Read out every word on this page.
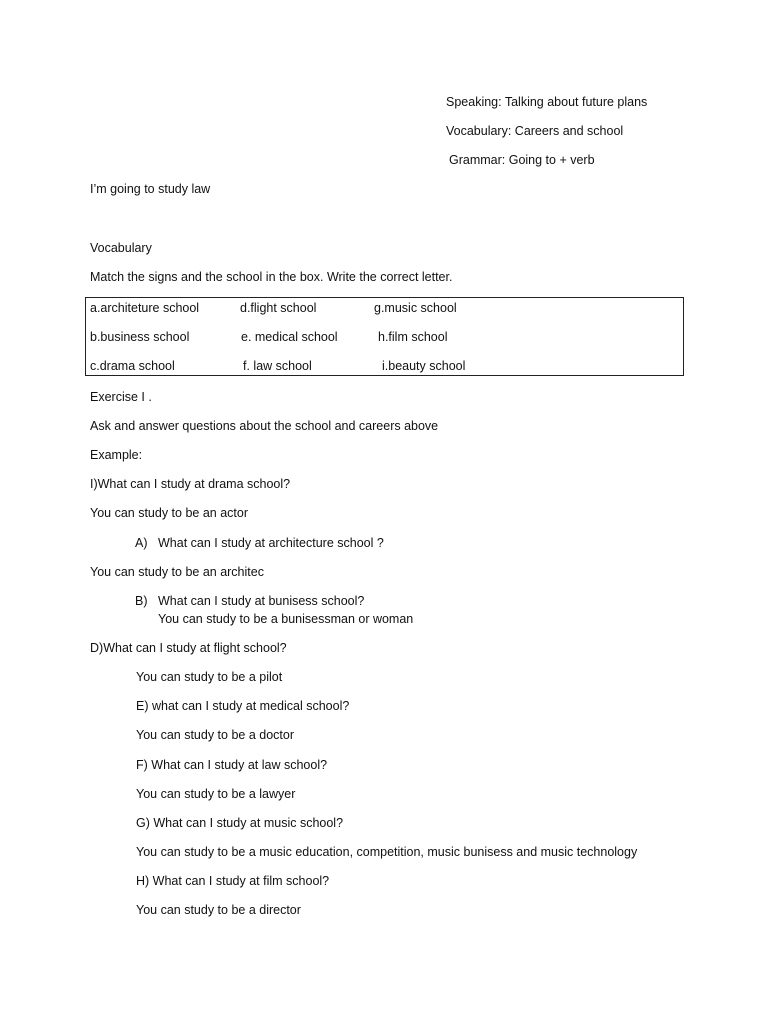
Speaking: Talking about future plans
Vocabulary: Careers and school
Grammar: Going to + verb
I’m going to study law
Vocabulary
Match the signs and the school in the box. Write the correct letter.
a.architeture school	d.flight school	g.music school
b.business school	e. medical school	h.film school
c.drama school	f. law school	i.beauty school
Exercise I .
Ask and answer questions about the school and careers above
Example:
I)What can I study at drama school?
You can study to be an actor
A) What can I study at architecture school ?
You can study to be an architec
B) What can I study at bunisess school?
You can study to be a bunisessman or woman
D)What can I study at flight school?
You can study to be a pilot
E) what can I study at medical school?
You can study to be a doctor
F) What can I study at law school?
You can study to be a lawyer
G) What can I study at music school?
You can study to be a music education, competition, music bunisess and music technology
H) What can I study at film school?
You can study to be a director
